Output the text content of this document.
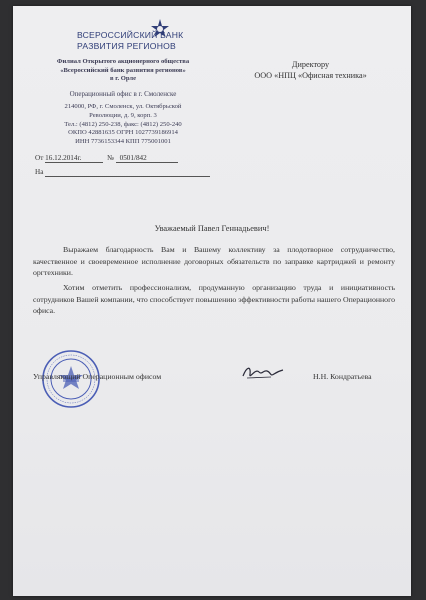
ВСЕРОССИЙСКИЙ БАНК
РАЗВИТИЯ РЕГИОНОВ
Филиал Открытого акционерного общества
«Всероссийский банк развития регионов»
в г. Орле
Операционный офис в г. Смоленске
214000, РФ, г. Смоленск, ул. Октябрьской
Революции, д. 9, корп. 3
Тел.: (4812) 250-238, факс: (4812) 250-240
ОКПО 42881635 ОГРН 1027739186914
ИНН 7736153344 КПП 775001001
От 16.12.2014г.	№ 0501/842
На
Директору
ООО «НПЦ «Офисная техника»
Уважаемый Павел Геннадьевич!
Выражаем благодарность Вам и Вашему коллективу за плодотворное сотрудничество, качественное и своевременное исполнение договорных обязательств по заправке картриджей и ремонту оргтехники.
Хотим отметить профессионализм, продуманную организацию труда и инициативность сотрудников Вашей компании, что способствует повышению эффективности работы нашего Операционного офиса.
Управляющий Операционным офисом	Н.Н. Кондратьева
